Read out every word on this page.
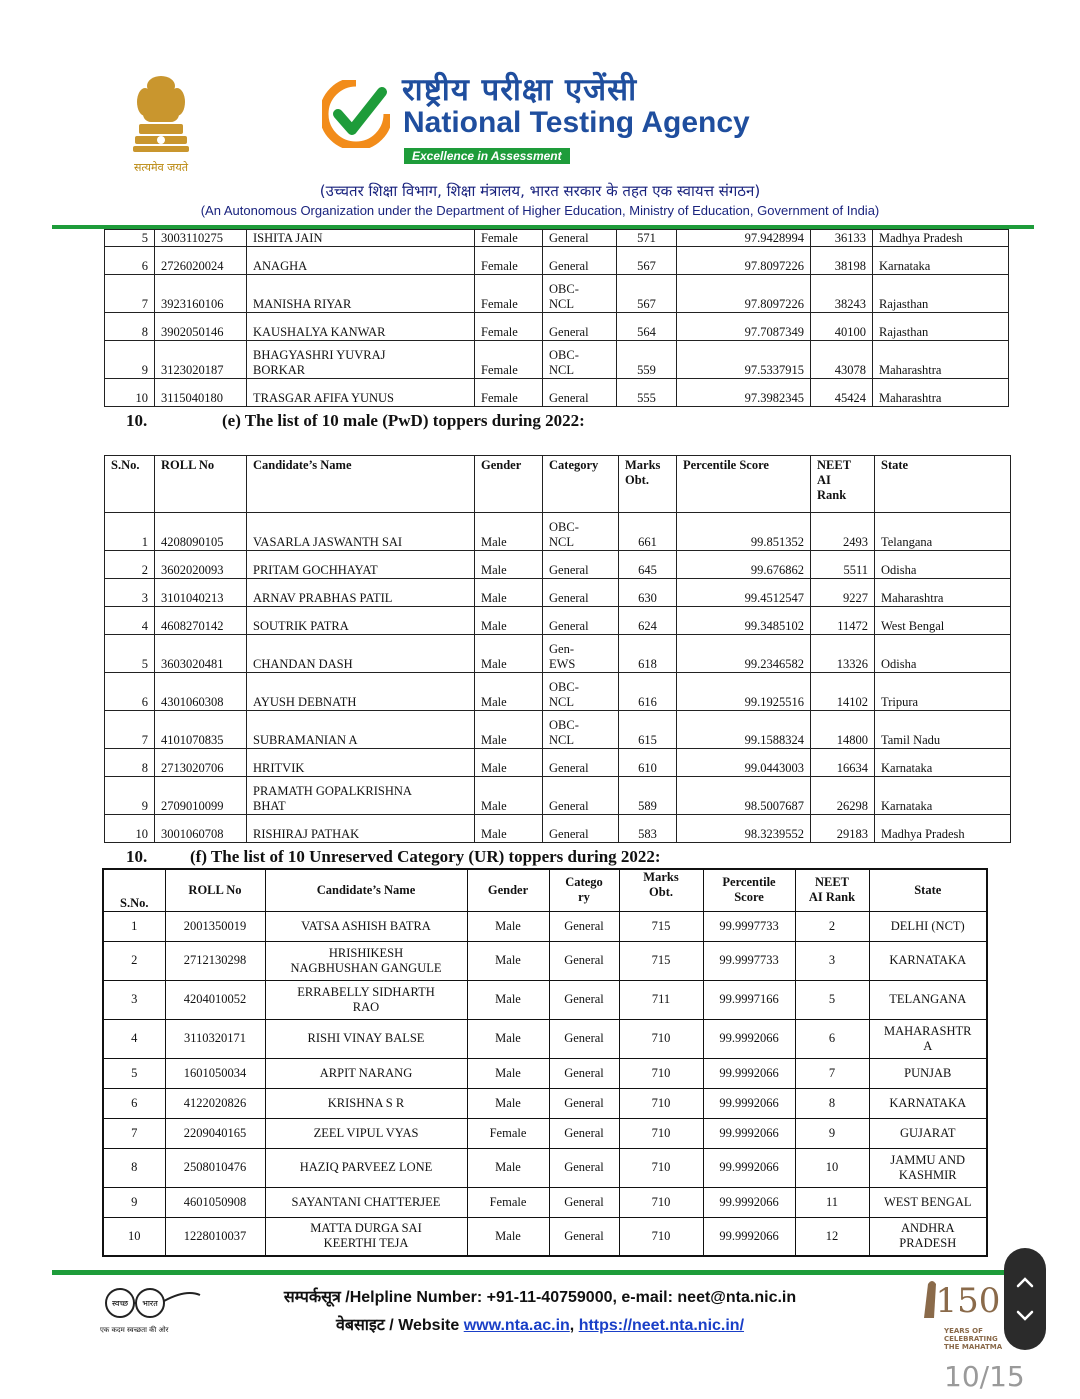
सत्यमेव जयते
राष्ट्रीय परीक्षा एजेंसी
National Testing Agency
Excellence in Assessment
(उच्चतर शिक्षा विभाग, शिक्षा मंत्रालय, भारत सरकार के तहत एक स्वायत्त संगठन)
(An Autonomous Organization under the Department of Higher Education, Ministry of Education, Government of India)
5	3003110275	ISHITA JAIN	Female	General	571	97.9428994	36133	Madhya Pradesh
6	2726020024	ANAGHA	Female	General	567	97.8097226	38198	Karnataka
7	3923160106	MANISHA RIYAR	Female	OBC-
NCL	567	97.8097226	38243	Rajasthan
8	3902050146	KAUSHALYA KANWAR	Female	General	564	97.7087349	40100	Rajasthan
9	3123020187	BHAGYASHRI YUVRAJ
BORKAR	Female	OBC-
NCL	559	97.5337915	43078	Maharashtra
10	3115040180	TRASGAR AFIFA YUNUS	Female	General	555	97.3982345	45424	Maharashtra
10.	(e) The list of 10 male (PwD) toppers during 2022:
S.No.	ROLL No	Candidate’s Name	Gender	Category	Marks
Obt.	Percentile Score	NEET
AI
Rank	State
1	4208090105	VASARLA JASWANTH SAI	Male	OBC-
NCL	661	99.851352	2493	Telangana
2	3602020093	PRITAM GOCHHAYAT	Male	General	645	99.676862	5511	Odisha
3	3101040213	ARNAV PRABHAS PATIL	Male	General	630	99.4512547	9227	Maharashtra
4	4608270142	SOUTRIK PATRA	Male	General	624	99.3485102	11472	West Bengal
5	3603020481	CHANDAN DASH	Male	Gen-
EWS	618	99.2346582	13326	Odisha
6	4301060308	AYUSH DEBNATH	Male	OBC-
NCL	616	99.1925516	14102	Tripura
7	4101070835	SUBRAMANIAN A	Male	OBC-
NCL	615	99.1588324	14800	Tamil Nadu
8	2713020706	HRITVIK	Male	General	610	99.0443003	16634	Karnataka
9	2709010099	PRAMATH GOPALKRISHNA
BHAT	Male	General	589	98.5007687	26298	Karnataka
10	3001060708	RISHIRAJ PATHAK	Male	General	583	98.3239552	29183	Madhya Pradesh
10.	(f) The list of 10 Unreserved Category (UR) toppers during 2022:
S.No.	ROLL No	Candidate’s Name	Gender	Catego
ry	Marks
Obt.	Percentile
Score	NEET
AI Rank	State
1	2001350019	VATSA ASHISH BATRA	Male	General	715	99.9997733	2	DELHI (NCT)
2	2712130298	HRISHIKESH
NAGBHUSHAN GANGULE	Male	General	715	99.9997733	3	KARNATAKA
3	4204010052	ERRABELLY SIDHARTH
RAO	Male	General	711	99.9997166	5	TELANGANA
4	3110320171	RISHI VINAY BALSE	Male	General	710	99.9992066	6	MAHARASHTR
A
5	1601050034	ARPIT NARANG	Male	General	710	99.9992066	7	PUNJAB
6	4122020826	KRISHNA S R	Male	General	710	99.9992066	8	KARNATAKA
7	2209040165	ZEEL VIPUL VYAS	Female	General	710	99.9992066	9	GUJARAT
8	2508010476	HAZIQ PARVEEZ LONE	Male	General	710	99.9992066	10	JAMMU AND
KASHMIR
9	4601050908	SAYANTANI CHATTERJEE	Female	General	710	99.9992066	11	WEST BENGAL
10	1228010037	MATTA DURGA SAI
KEERTHI TEJA	Male	General	710	99.9992066	12	ANDHRA
PRADESH
स्वच्छ भारत
एक कदम स्वच्छता की ओर
सम्पर्कसूत्र /Helpline Number: +91-11-40759000, e-mail: neet@nta.nic.in
वेबसाइट / Website www.nta.ac.in, https://neet.nta.nic.in/
150
YEARS OF
CELEBRATING
THE MAHATMA
10/15
